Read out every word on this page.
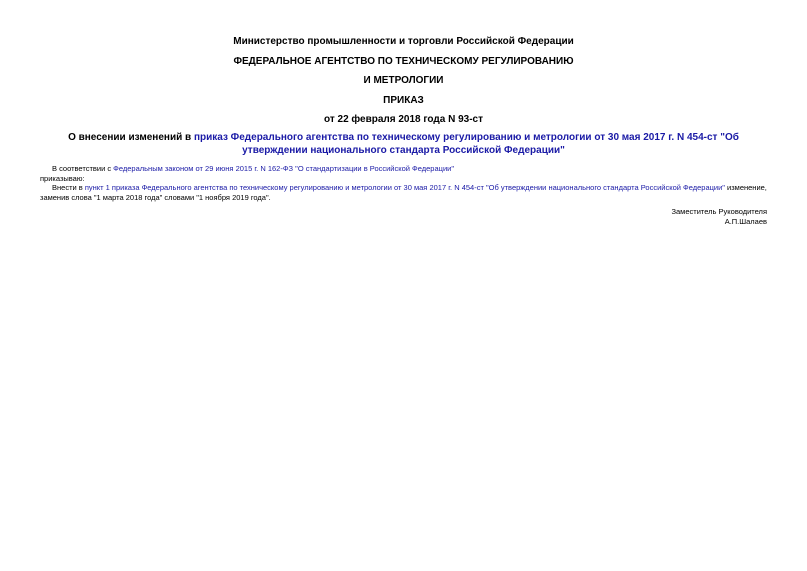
Министерство промышленности и торговли Российской Федерации
ФЕДЕРАЛЬНОЕ АГЕНТСТВО ПО ТЕХНИЧЕСКОМУ РЕГУЛИРОВАНИЮ
И МЕТРОЛОГИИ
ПРИКАЗ
от 22 февраля 2018 года N 93-ст
О внесении изменений в приказ Федерального агентства по техническому регулированию и метрологии от 30 мая 2017 г. N 454-ст "Об утверждении национального стандарта Российской Федерации"
В соответствии с Федеральным законом от 29 июня 2015 г. N 162-ФЗ "О стандартизации в Российской Федерации"
приказываю:
Внести в пункт 1 приказа Федерального агентства по техническому регулированию и метрологии от 30 мая 2017 г. N 454-ст "Об утверждении национального стандарта Российской Федерации" изменение, заменив слова "1 марта 2018 года" словами "1 ноября 2019 года".
Заместитель Руководителя
А.П.Шалаев
